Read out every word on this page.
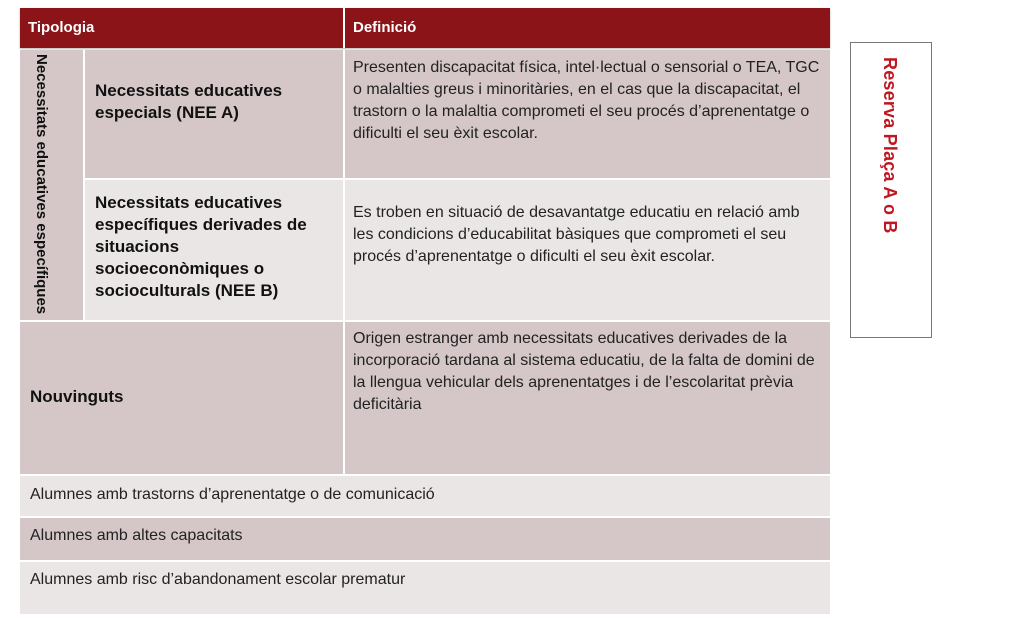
Tipologia	Definició
Necessitats educatives específiques	Necessitats educatives especials (NEE A)
Presenten discapacitat física, intel·lectual o sensorial o TEA, TGC o malalties greus i minoritàries, en el cas que la discapacitat, el trastorn o la malaltia comprometi el seu procés d’aprenentatge o dificulti el seu èxit escolar.
Necessitats educatives específiques derivades de situacions socioeconòmiques o socioculturals (NEE B)
Es troben en situació de desavantatge educatiu en relació amb les condicions d’educabilitat bàsiques que comprometi el seu procés d’aprenentatge o dificulti el seu èxit escolar.
Nouvinguts
Origen estranger amb necessitats educatives derivades de la incorporació tardana al sistema educatiu, de la falta de domini de la llengua vehicular dels aprenentatges i de l’escolaritat prèvia deficitària
Alumnes amb trastorns d’aprenentatge o de comunicació
Alumnes amb altes capacitats
Alumnes amb risc d’abandonament escolar prematur
Reserva Plaça A o B
